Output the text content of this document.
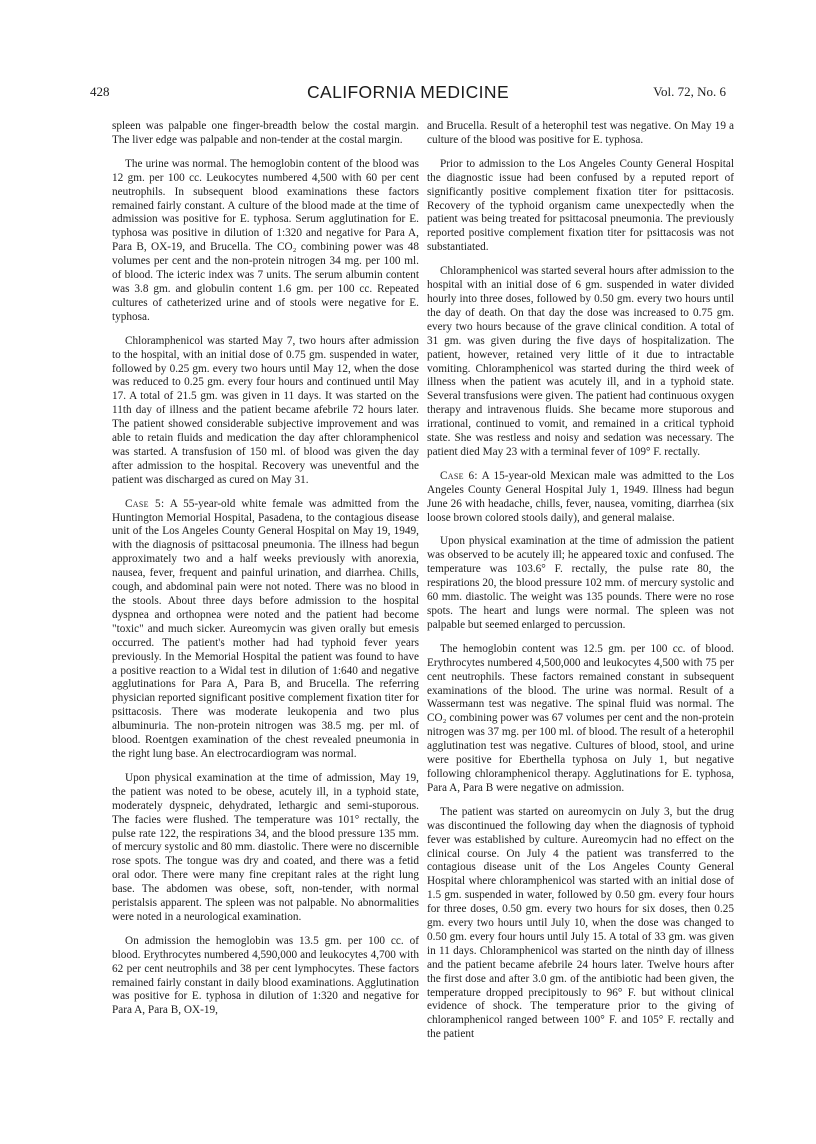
428	CALIFORNIA MEDICINE	Vol. 72, No. 6

spleen was palpable one finger-breadth below the costal margin. The liver edge was palpable and non-tender at the costal margin.

The urine was normal. The hemoglobin content of the blood was 12 gm. per 100 cc. Leukocytes numbered 4,500 with 60 per cent neutrophils. In subsequent blood examinations these factors remained fairly constant. A culture of the blood made at the time of admission was positive for E. typhosa. Serum agglutination for E. typhosa was positive in dilution of 1:320 and negative for Para A, Para B, OX-19, and Brucella. The CO₂ combining power was 48 volumes per cent and the non-protein nitrogen 34 mg. per 100 ml. of blood. The icteric index was 7 units. The serum albumin content was 3.8 gm. and globulin content 1.6 gm. per 100 cc. Repeated cultures of catheterized urine and of stools were negative for E. typhosa.

Chloramphenicol was started May 7, two hours after admission to the hospital, with an initial dose of 0.75 gm. suspended in water, followed by 0.25 gm. every two hours until May 12, when the dose was reduced to 0.25 gm. every four hours and continued until May 17. A total of 21.5 gm. was given in 11 days. It was started on the 11th day of illness and the patient became afebrile 72 hours later. The patient showed considerable subjective improvement and was able to retain fluids and medication the day after chloramphenicol was started. A transfusion of 150 ml. of blood was given the day after admission to the hospital. Recovery was uneventful and the patient was discharged as cured on May 31.

Case 5: A 55-year-old white female was admitted from the Huntington Memorial Hospital, Pasadena, to the contagious disease unit of the Los Angeles County General Hospital on May 19, 1949, with the diagnosis of psittacosal pneumonia. The illness had begun approximately two and a half weeks previously with anorexia, nausea, fever, frequent and painful urination, and diarrhea. Chills, cough, and abdominal pain were not noted. There was no blood in the stools. About three days before admission to the hospital dyspnea and orthopnea were noted and the patient had become "toxic" and much sicker. Aureomycin was given orally but emesis occurred. The patient's mother had had typhoid fever years previously. In the Memorial Hospital the patient was found to have a positive reaction to a Widal test in dilution of 1:640 and negative agglutinations for Para A, Para B, and Brucella. The referring physician reported significant positive complement fixation titer for psittacosis. There was moderate leukopenia and two plus albuminuria. The non-protein nitrogen was 38.5 mg. per ml. of blood. Roentgen examination of the chest revealed pneumonia in the right lung base. An electrocardiogram was normal.

Upon physical examination at the time of admission, May 19, the patient was noted to be obese, acutely ill, in a typhoid state, moderately dyspneic, dehydrated, lethargic and semi-stuporous. The facies were flushed. The temperature was 101° rectally, the pulse rate 122, the respirations 34, and the blood pressure 135 mm. of mercury systolic and 80 mm. diastolic. There were no discernible rose spots. The tongue was dry and coated, and there was a fetid oral odor. There were many fine crepitant rales at the right lung base. The abdomen was obese, soft, non-tender, with normal peristalsis apparent. The spleen was not palpable. No abnormalities were noted in a neurological examination.

On admission the hemoglobin was 13.5 gm. per 100 cc. of blood. Erythrocytes numbered 4,590,000 and leukocytes 4,700 with 62 per cent neutrophils and 38 per cent lymphocytes. These factors remained fairly constant in daily blood examinations. Agglutination was positive for E. typhosa in dilution of 1:320 and negative for Para A, Para B, OX-19,

and Brucella. Result of a heterophil test was negative. On May 19 a culture of the blood was positive for E. typhosa.

Prior to admission to the Los Angeles County General Hospital the diagnostic issue had been confused by a reputed report of significantly positive complement fixation titer for psittacosis. Recovery of the typhoid organism came unexpectedly when the patient was being treated for psittacosal pneumonia. The previously reported positive complement fixation titer for psittacosis was not substantiated.

Chloramphenicol was started several hours after admission to the hospital with an initial dose of 6 gm. suspended in water divided hourly into three doses, followed by 0.50 gm. every two hours until the day of death. On that day the dose was increased to 0.75 gm. every two hours because of the grave clinical condition. A total of 31 gm. was given during the five days of hospitalization. The patient, however, retained very little of it due to intractable vomiting. Chloramphenicol was started during the third week of illness when the patient was acutely ill, and in a typhoid state. Several transfusions were given. The patient had continuous oxygen therapy and intravenous fluids. She became more stuporous and irrational, continued to vomit, and remained in a critical typhoid state. She was restless and noisy and sedation was necessary. The patient died May 23 with a terminal fever of 109° F. rectally.

Case 6: A 15-year-old Mexican male was admitted to the Los Angeles County General Hospital July 1, 1949. Illness had begun June 26 with headache, chills, fever, nausea, vomiting, diarrhea (six loose brown colored stools daily), and general malaise.

Upon physical examination at the time of admission the patient was observed to be acutely ill; he appeared toxic and confused. The temperature was 103.6° F. rectally, the pulse rate 80, the respirations 20, the blood pressure 102 mm. of mercury systolic and 60 mm. diastolic. The weight was 135 pounds. There were no rose spots. The heart and lungs were normal. The spleen was not palpable but seemed enlarged to percussion.

The hemoglobin content was 12.5 gm. per 100 cc. of blood. Erythrocytes numbered 4,500,000 and leukocytes 4,500 with 75 per cent neutrophils. These factors remained constant in subsequent examinations of the blood. The urine was normal. Result of a Wassermann test was negative. The spinal fluid was normal. The CO₂ combining power was 67 volumes per cent and the non-protein nitrogen was 37 mg. per 100 ml. of blood. The result of a heterophil agglutination test was negative. Cultures of blood, stool, and urine were positive for Eberthella typhosa on July 1, but negative following chloramphenicol therapy. Agglutinations for E. typhosa, Para A, Para B were negative on admission.

The patient was started on aureomycin on July 3, but the drug was discontinued the following day when the diagnosis of typhoid fever was established by culture. Aureomycin had no effect on the clinical course. On July 4 the patient was transferred to the contagious disease unit of the Los Angeles County General Hospital where chloramphenicol was started with an initial dose of 1.5 gm. suspended in water, followed by 0.50 gm. every four hours for three doses, 0.50 gm. every two hours for six doses, then 0.25 gm. every two hours until July 10, when the dose was changed to 0.50 gm. every four hours until July 15. A total of 33 gm. was given in 11 days. Chloramphenicol was started on the ninth day of illness and the patient became afebrile 24 hours later. Twelve hours after the first dose and after 3.0 gm. of the antibiotic had been given, the temperature dropped precipitously to 96° F. but without clinical evidence of shock. The temperature prior to the giving of chloramphenicol ranged between 100° F. and 105° F. rectally and the patient
